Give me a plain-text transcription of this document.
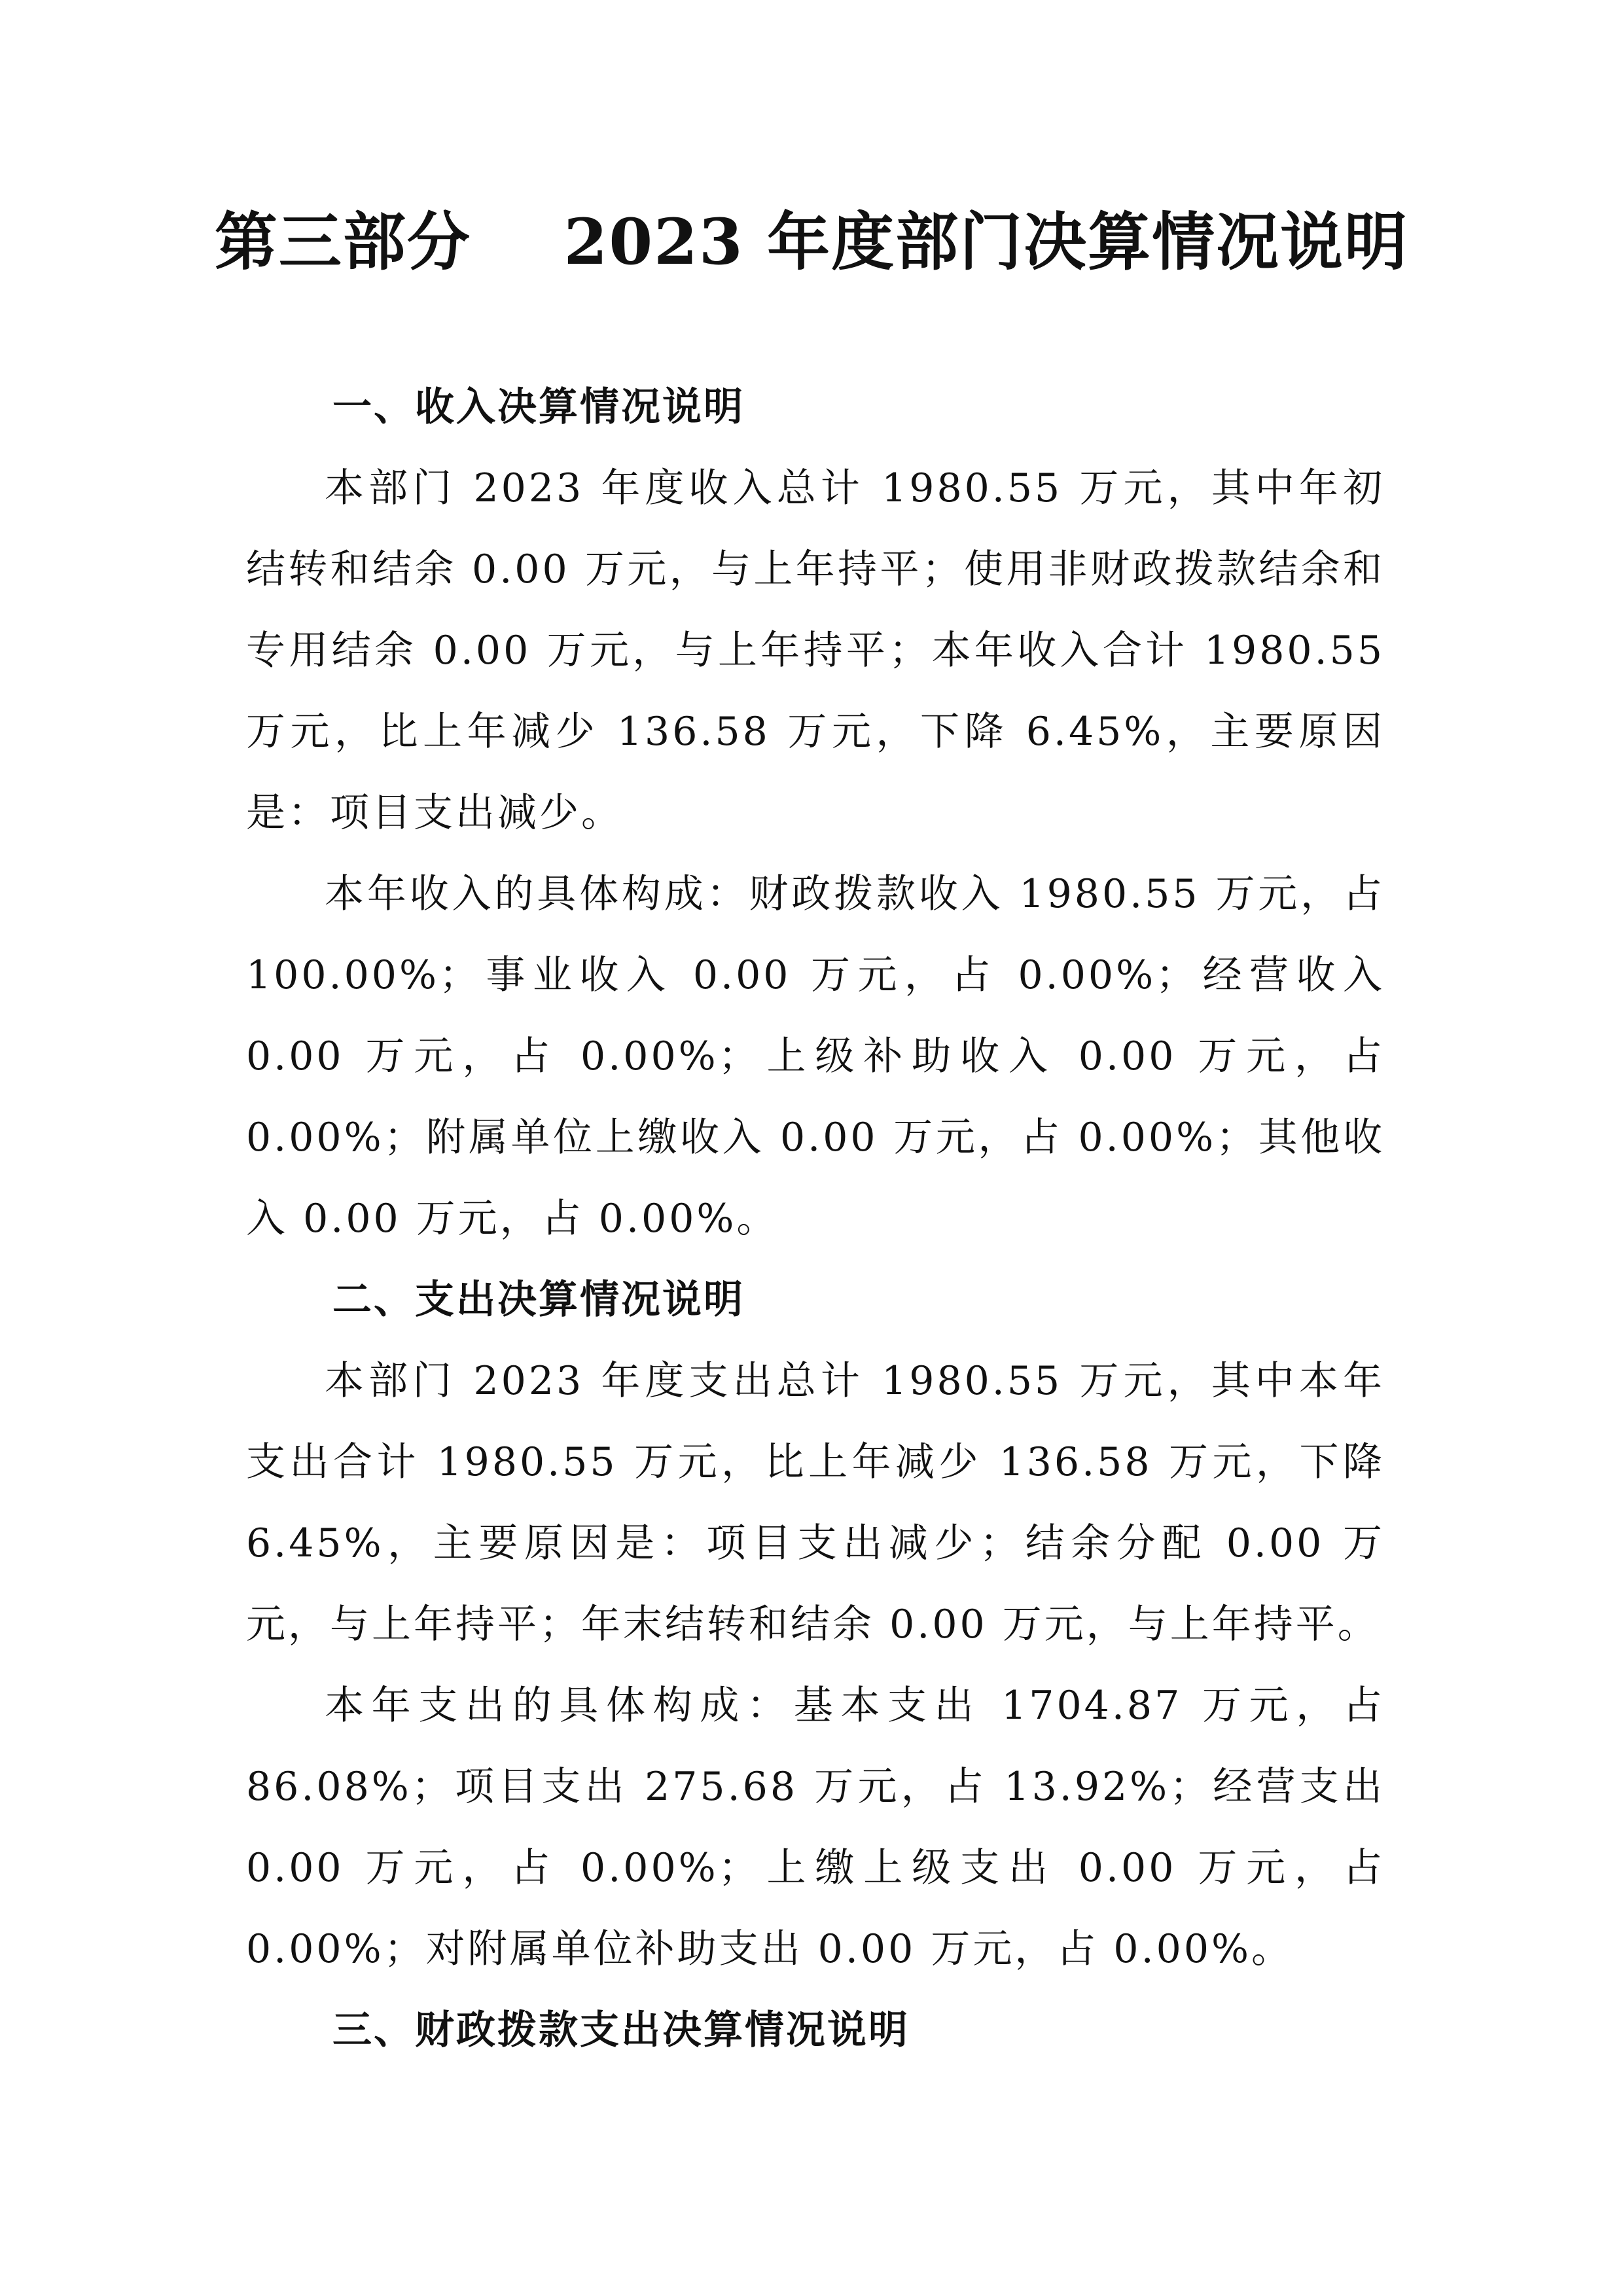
第三部分    2023 年度部门决算情况说明
一、收入决算情况说明

本部门 2023 年度收入总计 1980.55 万元，其中年初结转和结余 0.00 万元，与上年持平；使用非财政拨款结余和专用结余 0.00 万元，与上年持平；本年收入合计 1980.55 万元，比上年减少 136.58 万元，下降 6.45%，主要原因是：项目支出减少。

本年收入的具体构成：财政拨款收入 1980.55 万元，占 100.00%；事业收入 0.00 万元，占 0.00%；经营收入 0.00 万元，占 0.00%；上级补助收入 0.00 万元，占 0.00%；附属单位上缴收入 0.00 万元，占 0.00%；其他收入 0.00 万元，占 0.00%。

二、支出决算情况说明

本部门 2023 年度支出总计 1980.55 万元，其中本年支出合计 1980.55 万元，比上年减少 136.58 万元，下降 6.45%，主要原因是：项目支出减少；结余分配 0.00 万元，与上年持平；年末结转和结余 0.00 万元，与上年持平。

本年支出的具体构成：基本支出 1704.87 万元，占 86.08%；项目支出 275.68 万元，占 13.92%；经营支出 0.00 万元，占 0.00%；上缴上级支出 0.00 万元，占 0.00%；对附属单位补助支出 0.00 万元，占 0.00%。

三、财政拨款支出决算情况说明
